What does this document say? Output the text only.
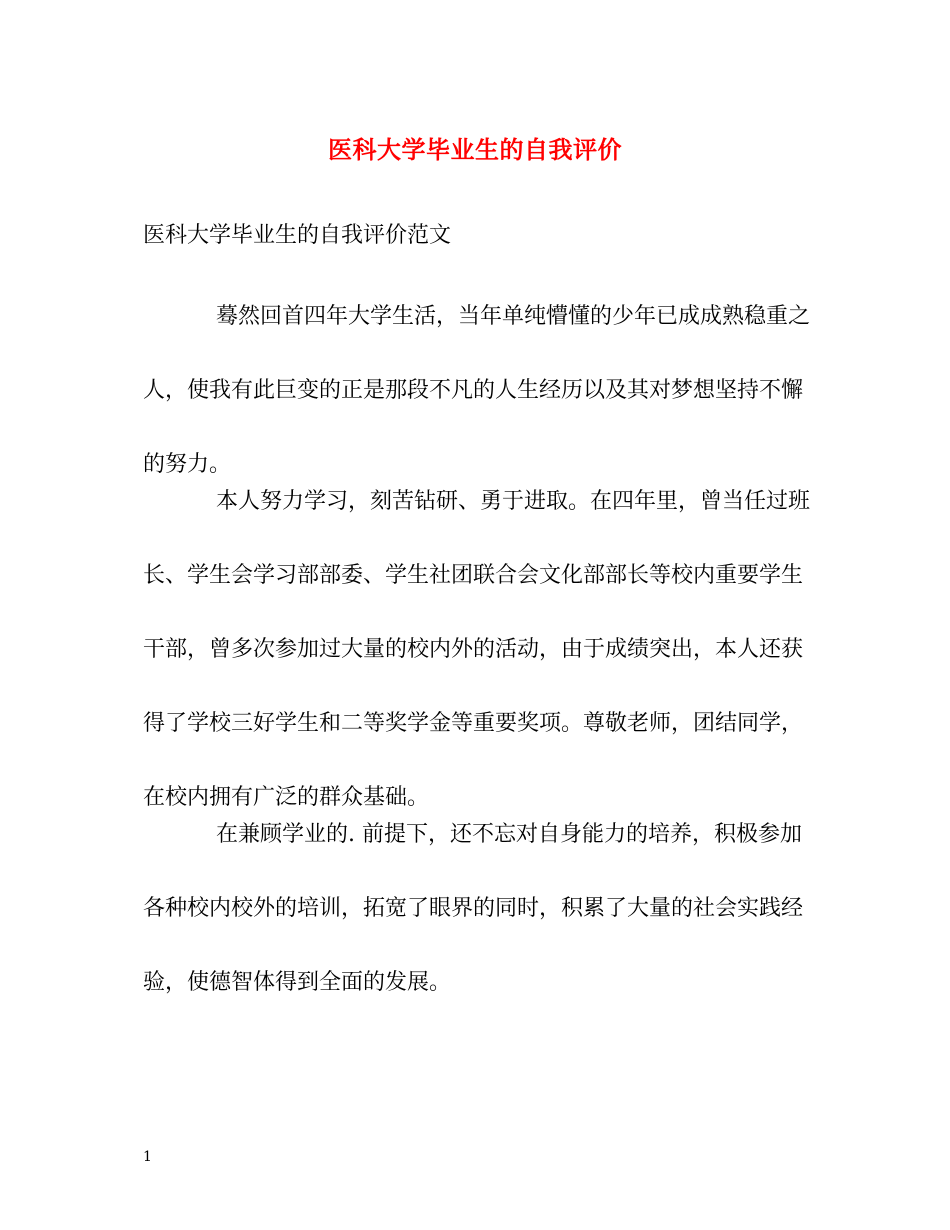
医科大学毕业生的自我评价
医科大学毕业生的自我评价范文

蓦然回首四年大学生活，当年单纯懵懂的少年已成成熟稳重之
人，使我有此巨变的正是那段不凡的人生经历以及其对梦想坚持不懈
的努力。

本人努力学习，刻苦钻研、勇于进取。在四年里，曾当任过班
长、学生会学习部部委、学生社团联合会文化部部长等校内重要学生
干部，曾多次参加过大量的校内外的活动，由于成绩突出，本人还获
得了学校三好学生和二等奖学金等重要奖项。尊敬老师，团结同学，
在校内拥有广泛的群众基础。

在兼顾学业的. 前提下，还不忘对自身能力的培养，积极参加
各种校内校外的培训，拓宽了眼界的同时，积累了大量的社会实践经
验，使德智体得到全面的发展。

1
